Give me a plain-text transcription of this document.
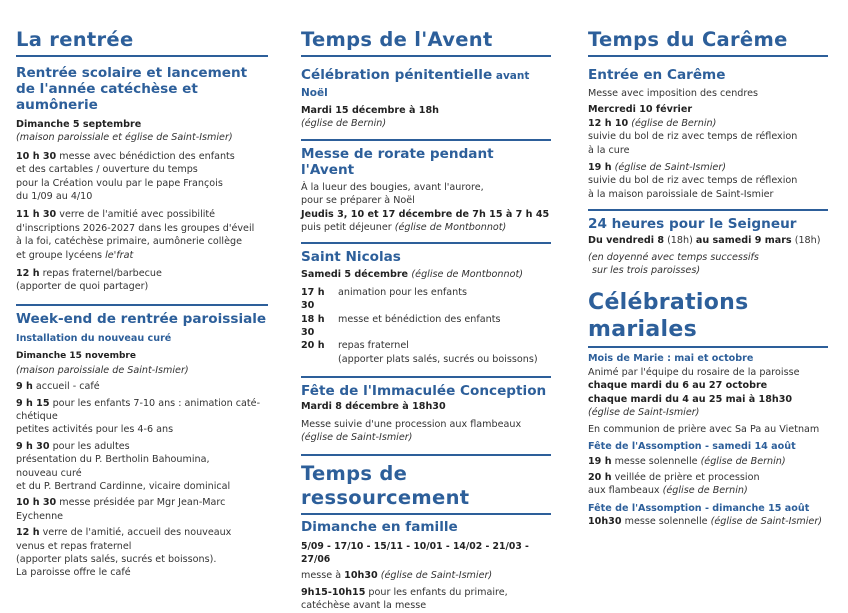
La rentrée
Rentrée scolaire et lancement
de l'année catéchèse et aumônerie

Dimanche 5 septembre

(maison paroissiale et église de Saint-Ismier)

10 h 30 messe avec bénédiction des enfants

et des cartables / ouverture du temps

pour la Création voulu par le pape François

du 1/09 au 4/10

11 h 30 verre de l'amitié avec possibilité

d'inscriptions 2026-2027 dans les groupes d'éveil

à la foi, catéchèse primaire, aumônerie collège

et groupe lycéens le'frat

12 h repas fraternel/barbecue

(apporter de quoi partager)

Week-end de rentrée paroissiale

Installation du nouveau curé

Dimanche 15 novembre

(maison paroissiale de Saint-Ismier)

9 h accueil - café

9 h 15 pour les enfants 7-10 ans : animation caté-

chétique

petites activités pour les 4-6 ans

9 h 30 pour les adultes

présentation du P. Bertholin Bahoumina,

nouveau curé

et du P. Bertrand Cardinne, vicaire dominical

10 h 30 messe présidée par Mgr Jean-Marc

Eychenne

12 h verre de l'amitié, accueil des nouveaux

venus et repas fraternel

(apporter plats salés, sucrés et boissons).

La paroisse offre le café

Temps de l'Avent
Célébration pénitentielle avant Noël

Mardi 15 décembre à 18h

(église de Bernin)

Messe de rorate pendant l'Avent

À la lueur des bougies, avant l'aurore,

pour se préparer à Noël

Jeudis 3, 10 et 17 décembre de 7h 15 à 7 h 45

puis petit déjeuner (église de Montbonnot)

Saint Nicolas

Samedi 5 décembre (église de Montbonnot)

17 h 30
animation pour les enfants
18 h 30
messe et bénédiction des enfants
20 h	repas fraternel
(apporter plats salés, sucrés ou boissons)
Fête de l'Immaculée Conception

Mardi 8 décembre à 18h30

Messe suivie d'une procession aux flambeaux

(église de Saint-Ismier)

Temps de ressourcement
Dimanche en famille

5/09 - 17/10 - 15/11 - 10/01 - 14/02 - 21/03 - 27/06

messe à 10h30 (église de Saint-Ismier)

9h15-10h15 pour les enfants du primaire,

catéchèse avant la messe

Temps du Carême
Entrée en Carême

Messe avec imposition des cendres

Mercredi 10 février

12 h 10 (église de Bernin)

suivie du bol de riz avec temps de réflexion

à la cure

19 h (église de Saint-Ismier)

suivie du bol de riz avec temps de réflexion

à la maison paroissiale de Saint-Ismier

24 heures pour le Seigneur

Du vendredi 8 (18h) au samedi 9 mars (18h)

(en doyenné avec temps successifs

sur les trois paroisses)

Célébrations mariales

Mois de Marie : mai et octobre

Animé par l'équipe du rosaire de la paroisse

chaque mardi du 6 au 27 octobre

chaque mardi du 4 au 25 mai à 18h30

(église de Saint-Ismier)

En communion de prière avec Sa Pa au Vietnam

Fête de l'Assomption - samedi 14 août

19 h messe solennelle (église de Bernin)

20 h veillée de prière et procession

aux flambeaux (église de Bernin)

Fête de l'Assomption - dimanche 15 août

10h30 messe solennelle (église de Saint-Ismier)
